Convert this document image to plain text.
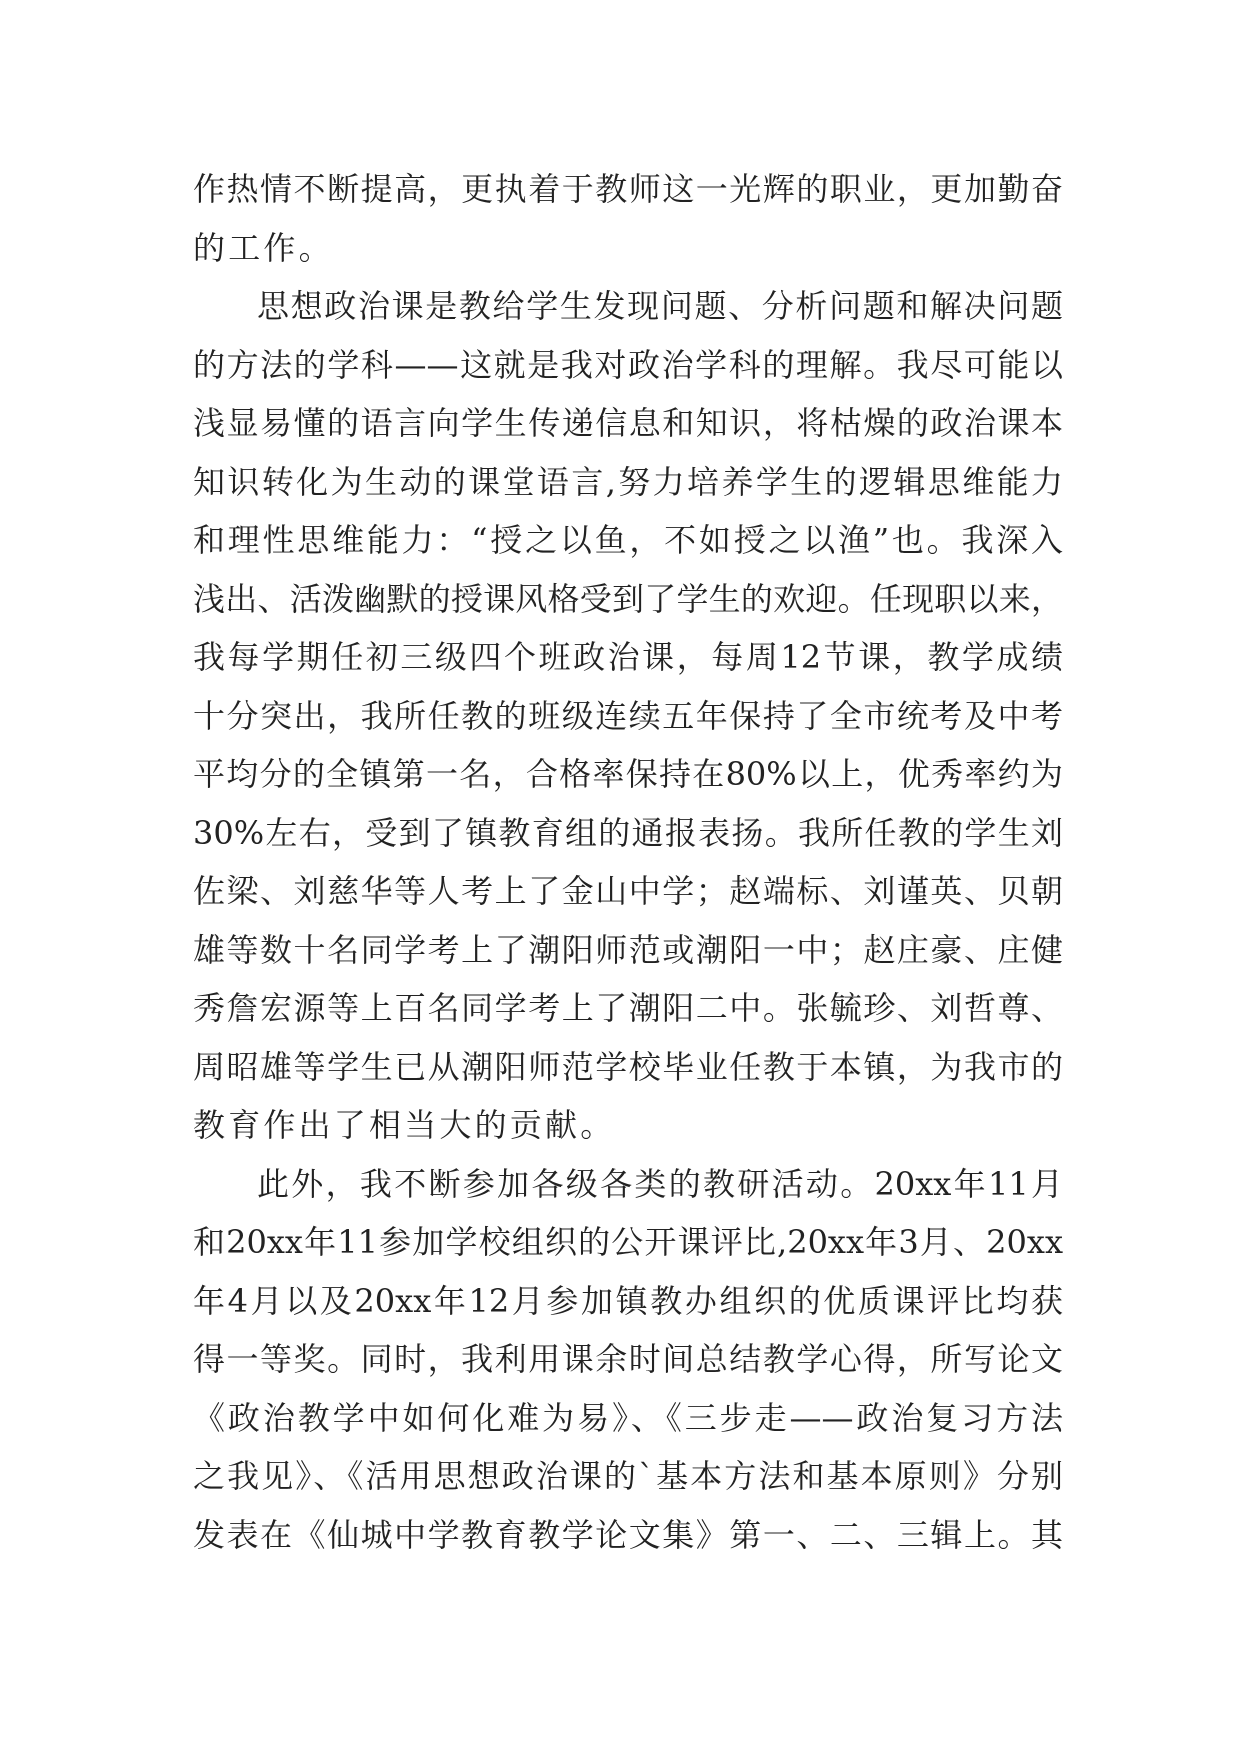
作热情不断提高，更执着于教师这一光辉的职业，更加勤奋
的工作。
思想政治课是教给学生发现问题、分析问题和解决问题
的方法的学科——这就是我对政治学科的理解。我尽可能以
浅显易懂的语言向学生传递信息和知识，将枯燥的政治课本
知识转化为生动的课堂语言,努力培养学生的逻辑思维能力
和理性思维能力：“授之以鱼，不如授之以渔”也。我深入
浅出、活泼幽默的授课风格受到了学生的欢迎。任现职以来，
我每学期任初三级四个班政治课，每周12节课，教学成绩
十分突出，我所任教的班级连续五年保持了全市统考及中考
平均分的全镇第一名，合格率保持在80%以上，优秀率约为
30%左右，受到了镇教育组的通报表扬。我所任教的学生刘
佐梁、刘慈华等人考上了金山中学；赵端标、刘谨英、贝朝
雄等数十名同学考上了潮阳师范或潮阳一中；赵庄豪、庄健
秀詹宏源等上百名同学考上了潮阳二中。张毓珍、刘哲尊、
周昭雄等学生已从潮阳师范学校毕业任教于本镇，为我市的
教育作出了相当大的贡献。
此外，我不断参加各级各类的教研活动。20xx年11月
和20xx年11参加学校组织的公开课评比,20xx年3月、20xx
年4月以及20xx年12月参加镇教办组织的优质课评比均获
得一等奖。同时，我利用课余时间总结教学心得，所写论文
《政治教学中如何化难为易》、《三步走——政治复习方法
之我见》、《活用思想政治课的`基本方法和基本原则》分别
发表在《仙城中学教育教学论文集》第一、二、三辑上。其
